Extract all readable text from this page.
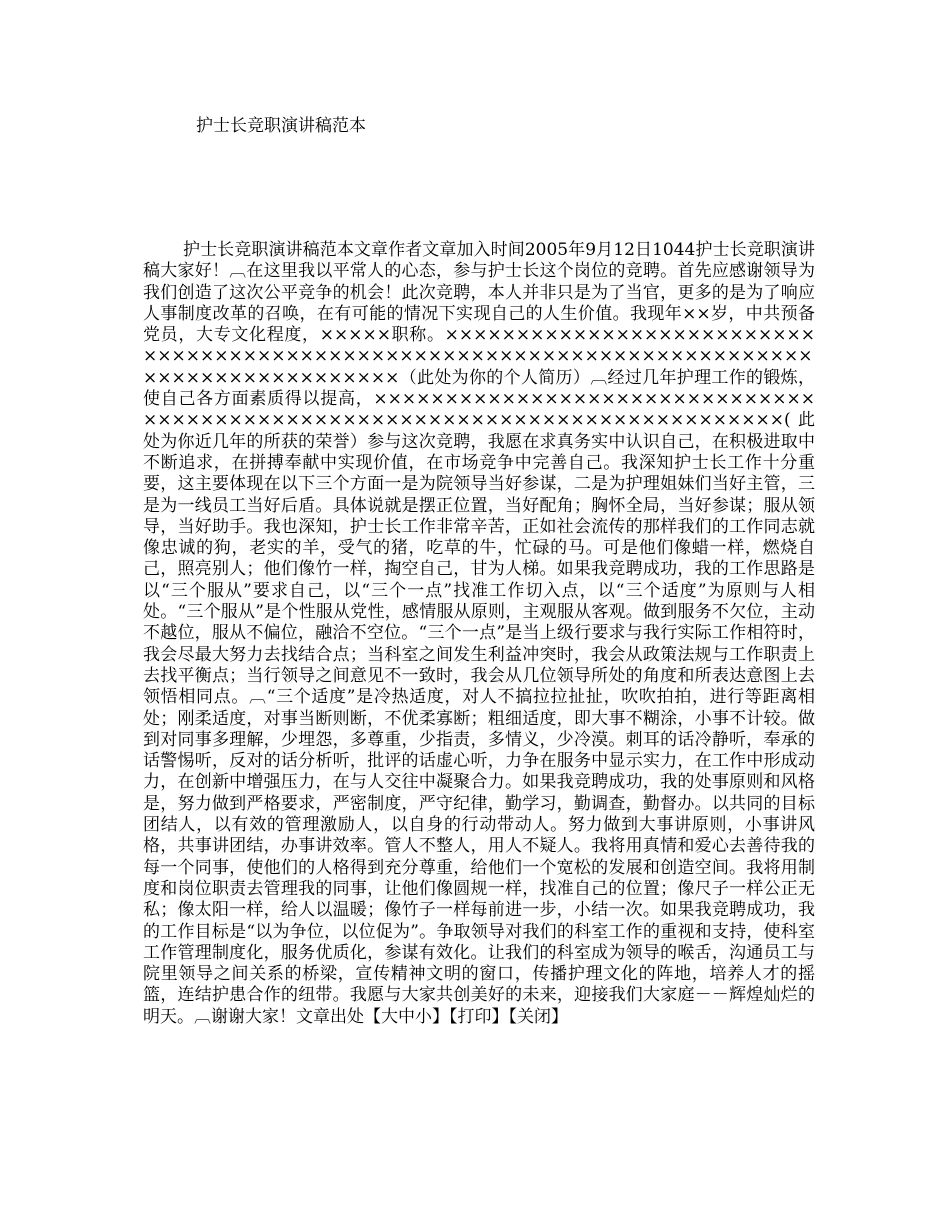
护士长竞职演讲稿范本

护士长竞职演讲稿范本文章作者文章加入时间2005年9月12日1044护士长竞职演讲稿大家好！︹在这里我以平常人的心态，参与护士长这个岗位的竞聘。首先应感谢领导为我们创造了这次公平竞争的机会！此次竞聘，本人并非只是为了当官，更多的是为了响应人事制度改革的召唤，在有可能的情况下实现自己的人生价值。我现年××岁，中共预备党员，大专文化程度，×××××职称。×××××××××××××××××××××××××××××××××××××××××××××××××××××××××××××××××××××××××××××××××××××××××××（此处为你的个人简历）︹经过几年护理工作的锻炼，使自己各方面素质得以提高，××××××××××××××××××××××××××××××××××××××××××××××××××××××××××××××××××××××××××××(此处为你近几年的所获的荣誉）参与这次竞聘，我愿在求真务实中认识自己，在积极进取中不断追求，在拼搏奉献中实现价值，在市场竞争中完善自己。我深知护士长工作十分重要，这主要体现在以下三个方面一是为院领导当好参谋，二是为护理姐妹们当好主管，三是为一线员工当好后盾。具体说就是摆正位置，当好配角；胸怀全局，当好参谋；服从领导，当好助手。我也深知，护士长工作非常辛苦，正如社会流传的那样我们的工作同志就像忠诚的狗，老实的羊，受气的猪，吃草的牛，忙碌的马。可是他们像蜡一样，燃烧自己，照亮别人；他们像竹一样，掏空自己，甘为人梯。如果我竞聘成功，我的工作思路是以“三个服从”要求自己，以“三个一点”找准工作切入点，以“三个适度”为原则与人相处。“三个服从”是个性服从党性，感情服从原则，主观服从客观。做到服务不欠位，主动不越位，服从不偏位，融洽不空位。“三个一点”是当上级行要求与我行实际工作相符时，我会尽最大努力去找结合点；当科室之间发生利益冲突时，我会从政策法规与工作职责上去找平衡点；当行领导之间意见不一致时，我会从几位领导所处的角度和所表达意图上去领悟相同点。︹“三个适度”是冷热适度，对人不搞拉拉扯扯，吹吹拍拍，进行等距离相处；刚柔适度，对事当断则断，不优柔寡断；粗细适度，即大事不糊涂，小事不计较。做到对同事多理解，少埋怨，多尊重，少指责，多情义，少冷漠。刺耳的话冷静听，奉承的话警惕听，反对的话分析听，批评的话虚心听，力争在服务中显示实力，在工作中形成动力，在创新中增强压力，在与人交往中凝聚合力。如果我竞聘成功，我的处事原则和风格是，努力做到严格要求，严密制度，严守纪律，勤学习，勤调查，勤督办。以共同的目标团结人，以有效的管理激励人，以自身的行动带动人。努力做到大事讲原则，小事讲风格，共事讲团结，办事讲效率。管人不整人，用人不疑人。我将用真情和爱心去善待我的每一个同事，使他们的人格得到充分尊重，给他们一个宽松的发展和创造空间。我将用制度和岗位职责去管理我的同事，让他们像圆规一样，找准自己的位置；像尺子一样公正无私；像太阳一样，给人以温暖；像竹子一样每前进一步，小结一次。如果我竞聘成功，我的工作目标是“以为争位，以位促为”。争取领导对我们的科室工作的重视和支持，使科室工作管理制度化，服务优质化，参谋有效化。让我们的科室成为领导的喉舌，沟通员工与院里领导之间关系的桥梁，宣传精神文明的窗口，传播护理文化的阵地，培养人才的摇篮，连结护患合作的纽带。我愿与大家共创美好的未来，迎接我们大家庭－－辉煌灿烂的明天。︹谢谢大家！文章出处【大中小】【打印】【关闭】
